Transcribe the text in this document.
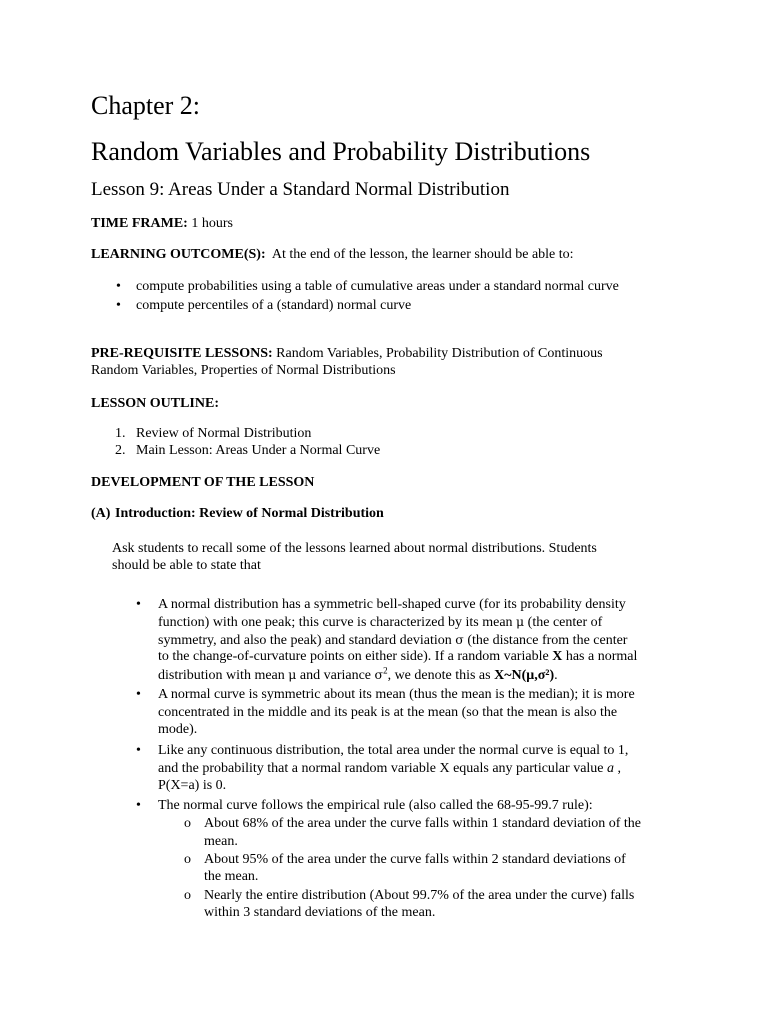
Chapter 2:
Random Variables and Probability Distributions
Lesson 9: Areas Under a Standard Normal Distribution
TIME FRAME: 1 hours
LEARNING OUTCOME(S): At the end of the lesson, the learner should be able to:
• compute probabilities using a table of cumulative areas under a standard normal curve
• compute percentiles of a (standard) normal curve
PRE-REQUISITE LESSONS: Random Variables, Probability Distribution of Continuous
Random Variables, Properties of Normal Distributions
LESSON OUTLINE:
1. Review of Normal Distribution
2. Main Lesson: Areas Under a Normal Curve
DEVELOPMENT OF THE LESSON
(A) Introduction: Review of Normal Distribution
Ask students to recall some of the lessons learned about normal distributions. Students
should be able to state that
• A normal distribution has a symmetric bell-shaped curve (for its probability density
function) with one peak; this curve is characterized by its mean μ (the center of
symmetry, and also the peak) and standard deviation σ (the distance from the center
to the change-of-curvature points on either side). If a random variable X has a normal
distribution with mean μ and variance $\sigma^2$, we denote this as X~N(μ,σ²).
• A normal curve is symmetric about its mean (thus the mean is the median); it is more
concentrated in the middle and its peak is at the mean (so that the mean is also the
mode).
• Like any continuous distribution, the total area under the normal curve is equal to 1,
and the probability that a normal random variable X equals any particular value a ,
P(X=a) is 0.
• The normal curve follows the empirical rule (also called the 68-95-99.7 rule):
o About 68% of the area under the curve falls within 1 standard deviation of the
mean.
o About 95% of the area under the curve falls within 2 standard deviations of
the mean.
o Nearly the entire distribution (About 99.7% of the area under the curve) falls
within 3 standard deviations of the mean.
